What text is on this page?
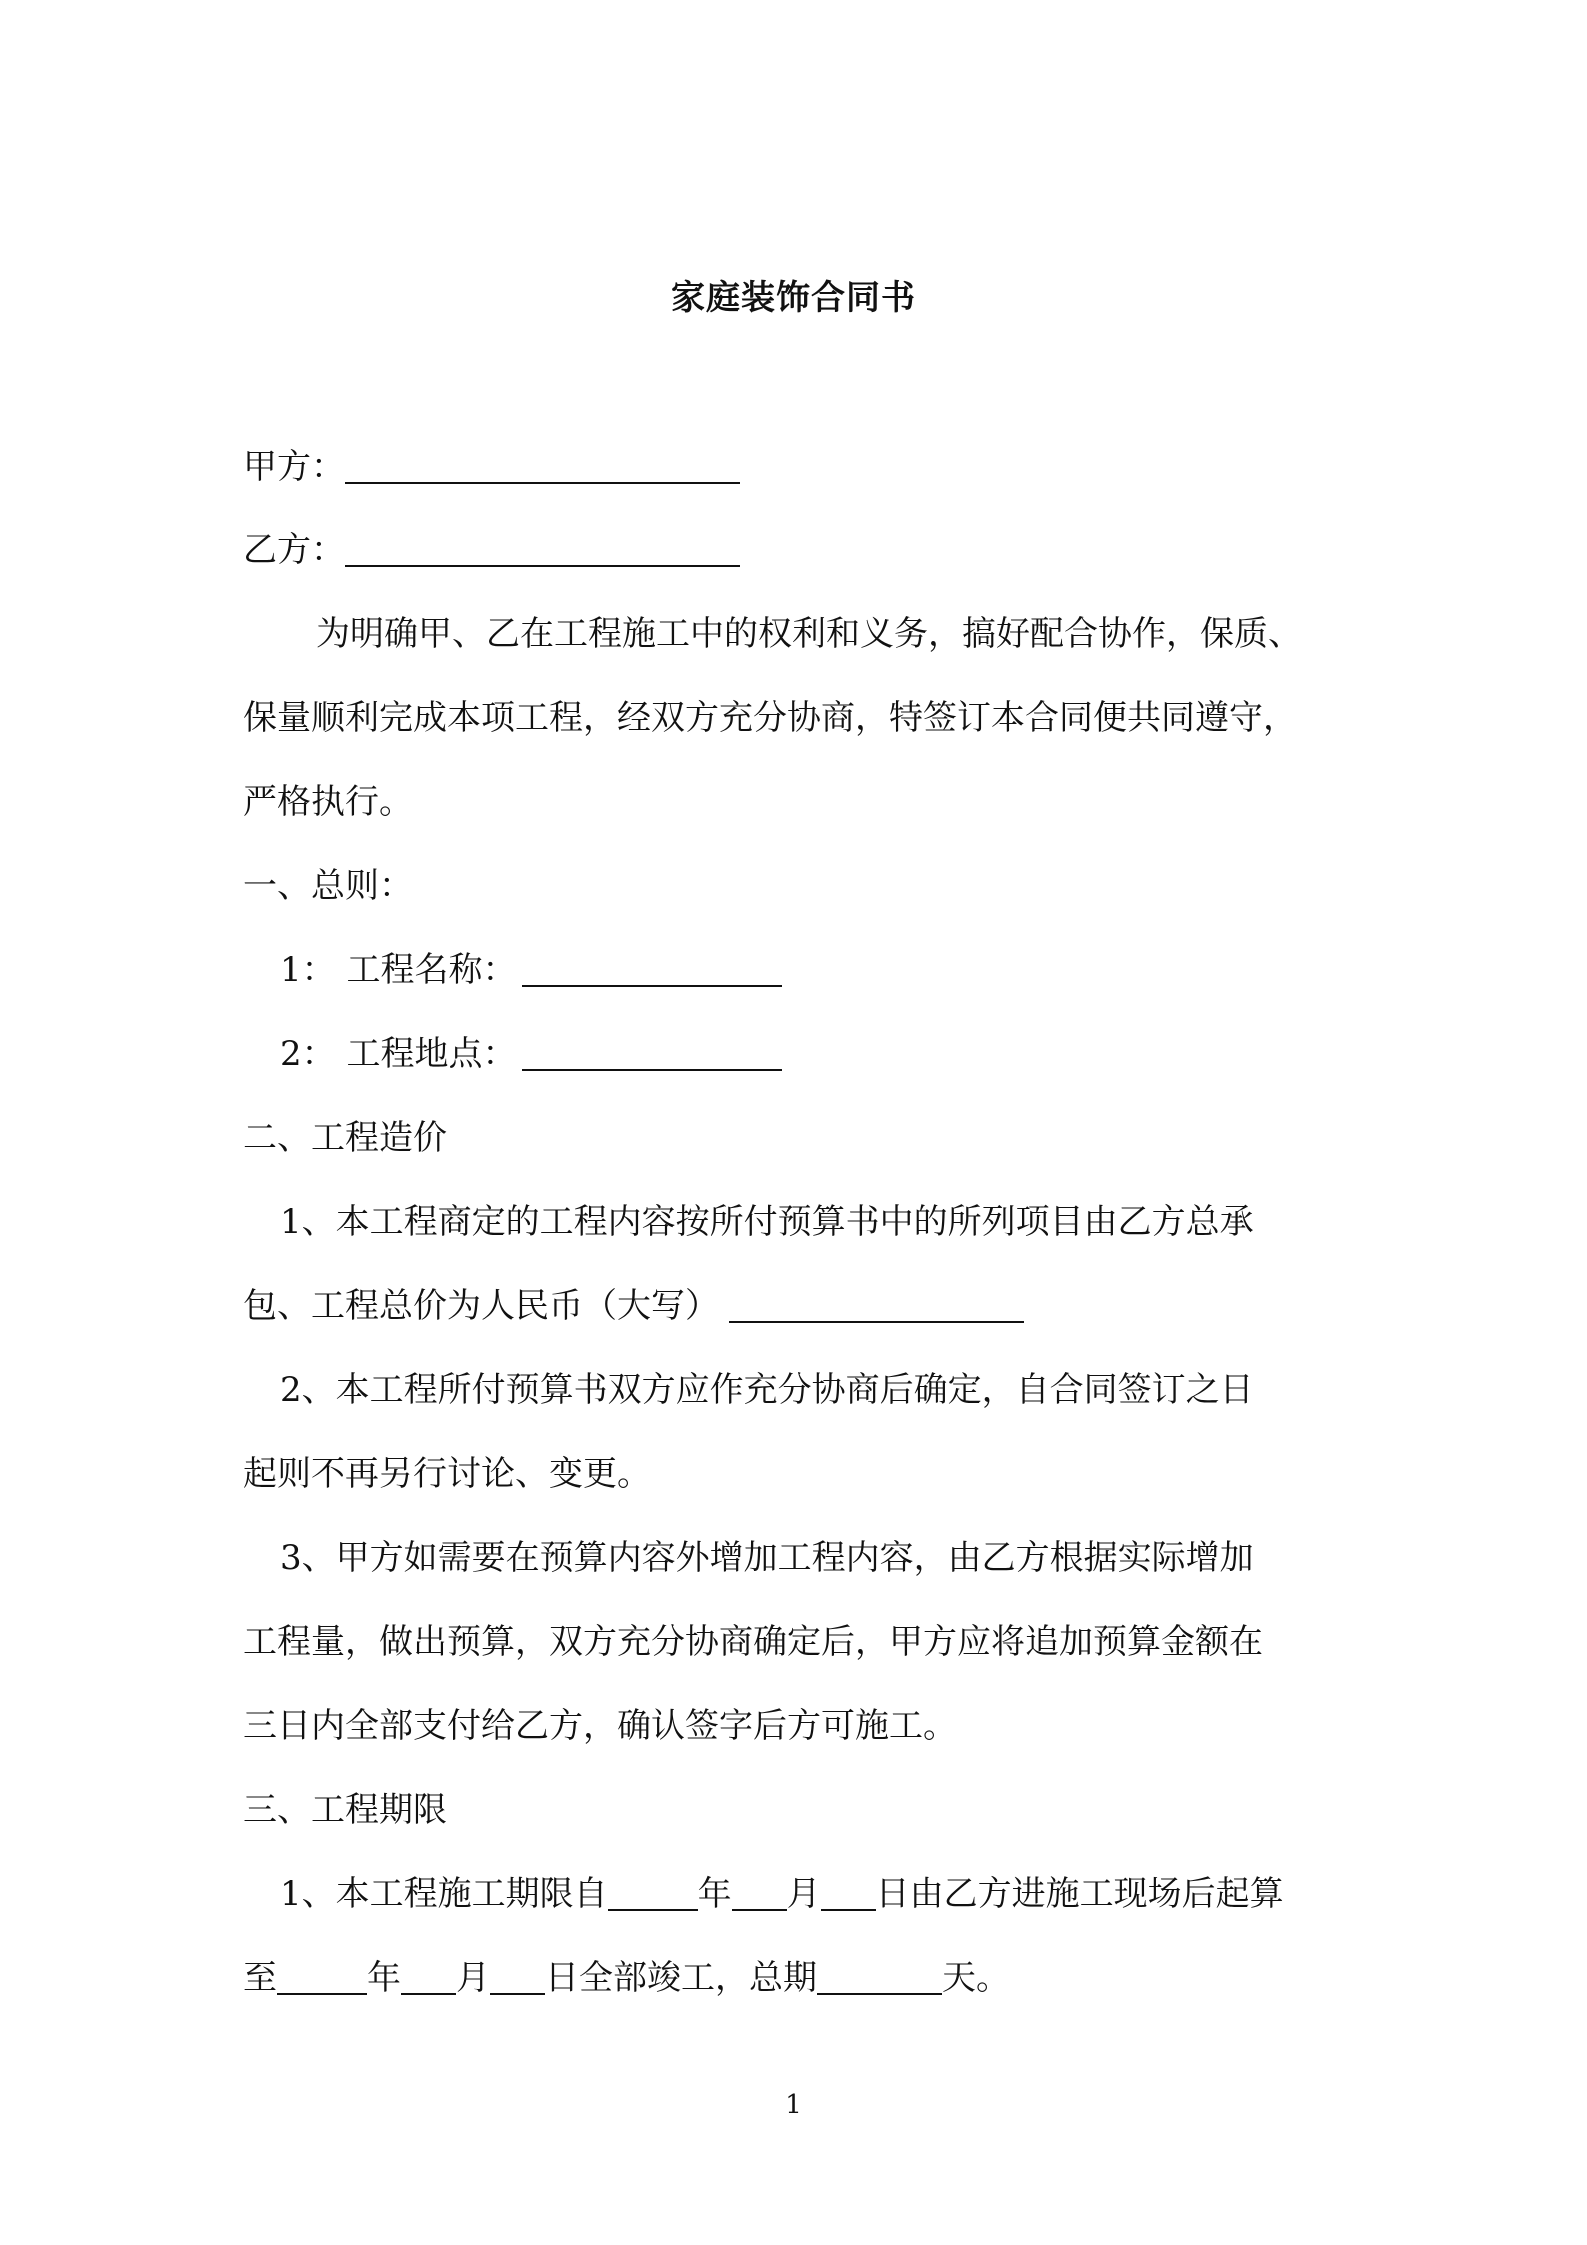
家庭装饰合同书
甲方：
乙方：
为明确甲、乙在工程施工中的权利和义务，搞好配合协作，保质、
保量顺利完成本项工程，经双方充分协商，特签订本合同便共同遵守，
严格执行。
一、总则：
1： 工程名称：
2： 工程地点：
二、工程造价
1、本工程商定的工程内容按所付预算书中的所列项目由乙方总承
包、工程总价为人民币（大写）
2、本工程所付预算书双方应作充分协商后确定，自合同签订之日
起则不再另行讨论、变更。
3、甲方如需要在预算内容外增加工程内容，由乙方根据实际增加
工程量，做出预算，双方充分协商确定后，甲方应将追加预算金额在
三日内全部支付给乙方，确认签字后方可施工。
三、工程期限
1、本工程施工期限自	年 月 日由乙方进施工现场后起算
至	年 月 日全部竣工，总期	天。
1
